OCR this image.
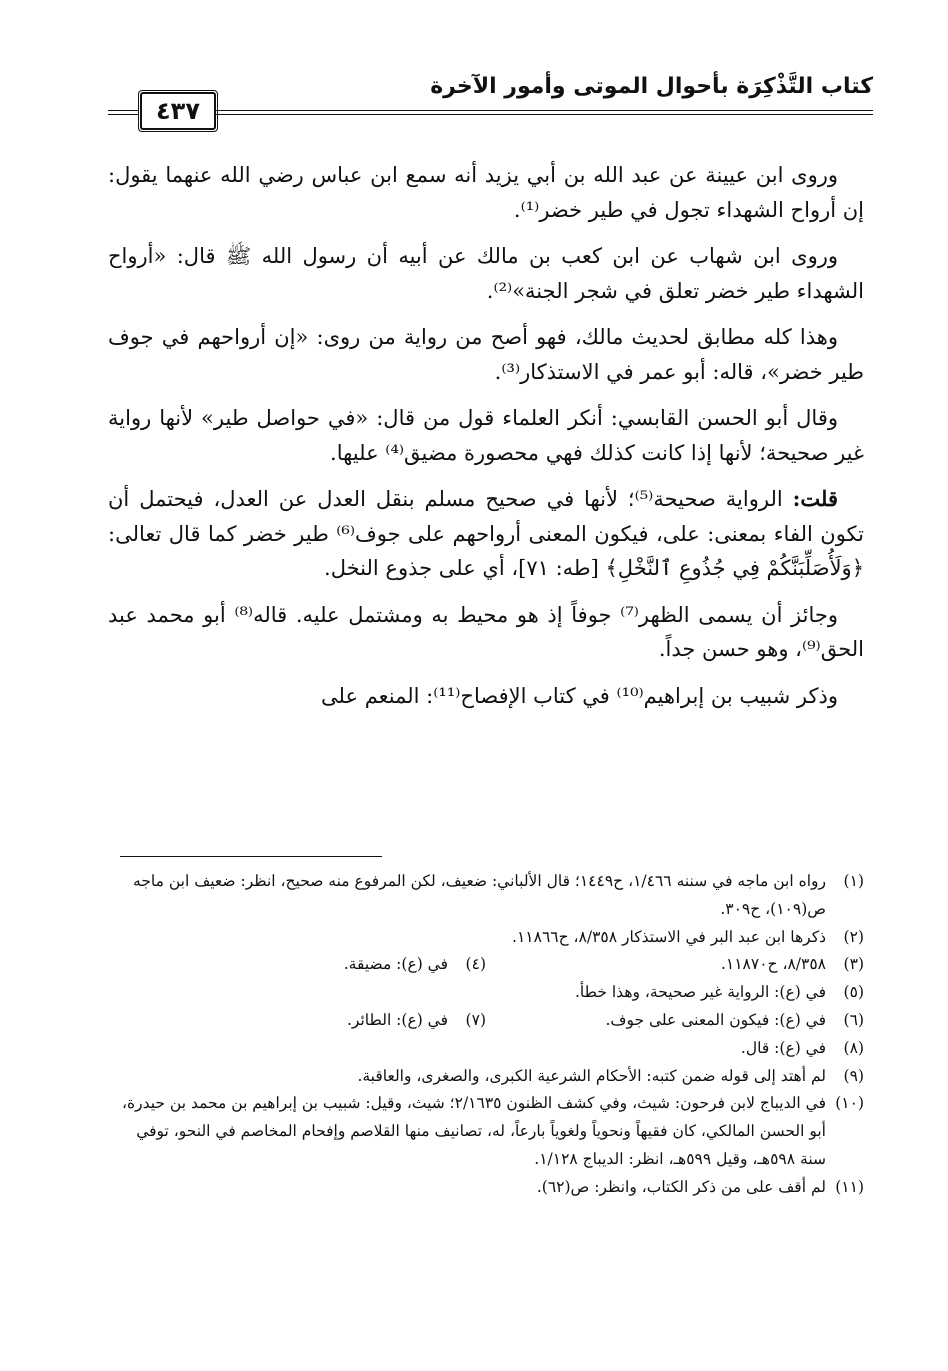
كتاب التَّذْكِرَة بأحوال الموتى وأمور الآخرة
٤٣٧

وروى ابن عيينة عن عبد الله بن أبي يزيد أنه سمع ابن عباس رضي الله عنهما يقول: إن أرواح الشهداء تجول في طير خضر⁽¹⁾.

وروى ابن شهاب عن ابن كعب بن مالك عن أبيه أن رسول الله ﷺ قال: «أرواح الشهداء طير خضر تعلق في شجر الجنة»⁽²⁾.

وهذا كله مطابق لحديث مالك، فهو أصح من رواية من روى: «إن أرواحهم في جوف طير خضر»، قاله: أبو عمر في الاستذكار⁽³⁾.

وقال أبو الحسن القابسي: أنكر العلماء قول من قال: «في حواصل طير» لأنها رواية غير صحيحة؛ لأنها إذا كانت كذلك فهي محصورة مضيق⁽⁴⁾ عليها.

قلت: الرواية صحيحة⁽⁵⁾؛ لأنها في صحيح مسلم بنقل العدل عن العدل، فيحتمل أن تكون الفاء بمعنى: على، فيكون المعنى أرواحهم على جوف⁽⁶⁾ طير خضر كما قال تعالى: ﴿وَلَأُصَلِّبَنَّكُمْ فِي جُذُوعِ ٱلنَّخْلِ﴾ [طه: ٧١]، أي على جذوع النخل.

وجائز أن يسمى الظهر⁽⁷⁾ جوفاً إذ هو محيط به ومشتمل عليه. قاله⁽⁸⁾ أبو محمد عبد الحق⁽⁹⁾، وهو حسن جداً.

وذكر شبيب بن إبراهيم⁽¹⁰⁾ في كتاب الإفصاح⁽¹¹⁾: المنعم على

(١)
رواه ابن ماجه في سننه ١/٤٦٦، ح١٤٤٩؛ قال الألباني: ضعيف، لكن المرفوع منه صحيح، انظر: ضعيف ابن ماجه ص(١٠٩)، ح٣٠٩.
(٢)
ذكرها ابن عبد البر في الاستذكار ٨/٣٥٨، ح١١٨٦٦.
(٣)
٨/٣٥٨، ح١١٨٧٠.
(٤)
في (ع): مضيقة.
(٥)
في (ع): الرواية غير صحيحة، وهذا خطأ.
(٦)
في (ع): فيكون المعنى على جوف.
(٧)
في (ع): الطائر.
(٨)
في (ع): قال.
(٩)
لم أهتد إلى قوله ضمن كتبه: الأحكام الشرعية الكبرى، والصغرى، والعاقبة.
(١٠)
في الديباج لابن فرحون: شيث، وفي كشف الظنون ٢/١٦٣٥؛ شيث، وقيل: شبيب بن إبراهيم بن محمد بن حيدرة، أبو الحسن المالكي، كان فقيهاً ونحوياً ولغوياً بارعاً، له، تصانيف منها القلاصم وإفحام المخاصم في النحو، توفي سنة ٥٩٨هـ، وقيل ٥٩٩هـ، انظر: الديباج ١/١٢٨.
(١١)
لم أقف على من ذكر الكتاب، وانظر: ص(٦٢).
